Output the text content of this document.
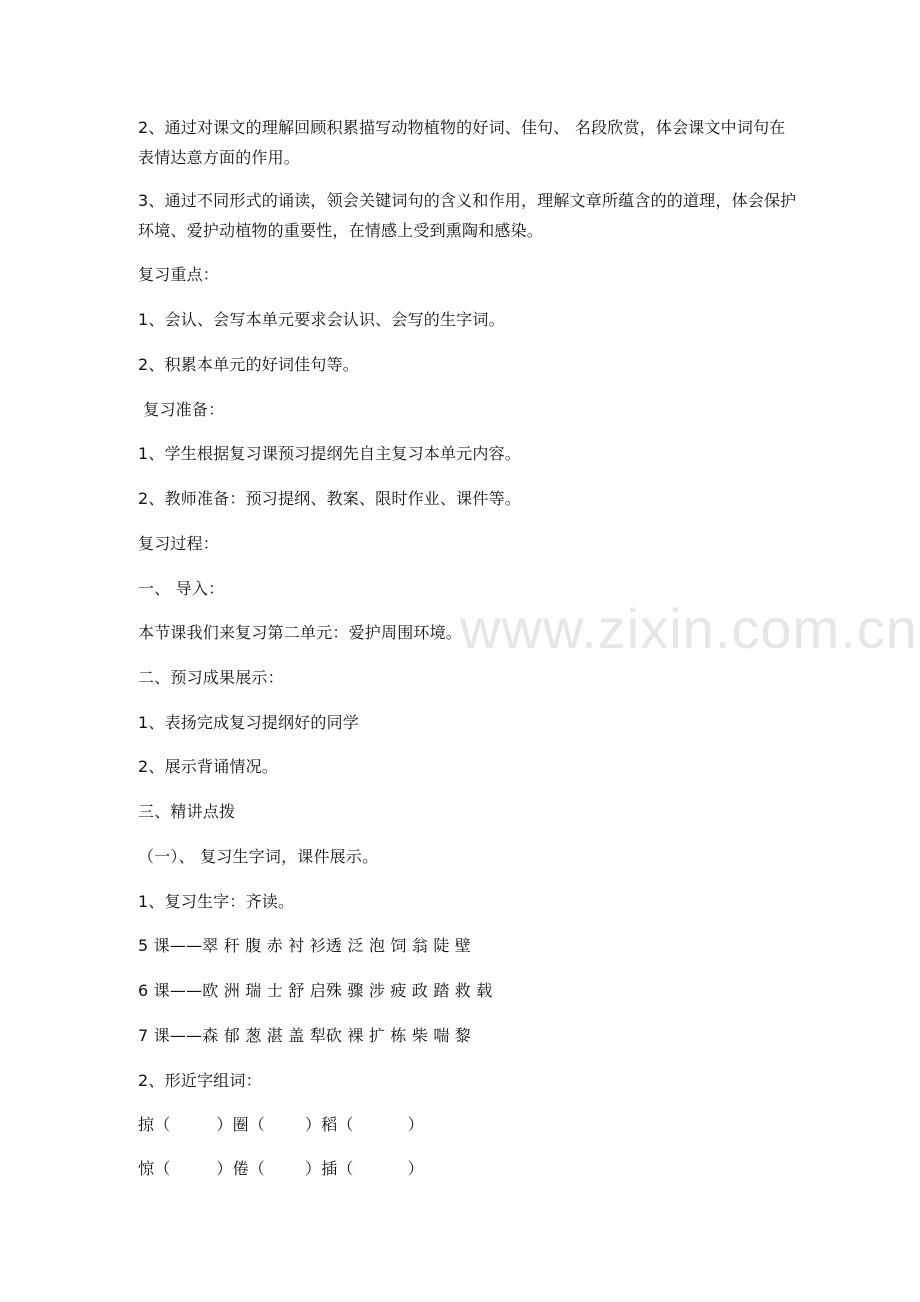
www.zixin.com.cn
2、通过对课文的理解回顾积累描写动物植物的好词、佳句、 名段欣赏，体会课文中词句在表情达意方面的作用。
3、通过不同形式的诵读，领会关键词句的含义和作用，理解文章所蕴含的的道理，体会保护环境、爱护动植物的重要性，在情感上受到熏陶和感染。
复习重点：
1、会认、会写本单元要求会认识、会写的生字词。
2、积累本单元的好词佳句等。
复习准备：
1、学生根据复习课预习提纲先自主复习本单元内容。
2、教师准备：预习提纲、教案、限时作业、课件等。
复习过程：
一、 导入：
本节课我们来复习第二单元：爱护周围环境。
二、预习成果展示：
1、表扬完成复习提纲好的同学
2、展示背诵情况。
三、精讲点拨
（一）、 复习生字词，课件展示。
1、复习生字：齐读。
5 课——翠 秆 腹 赤 衬 衫透 泛 泡 饲 翁 陡 壁
6 课——欧 洲 瑞 士 舒 启殊 骤 涉 疲 政 踏 救 载
7 课——森 郁 葱 湛 盖 犁砍 裸 扩 栋 柴 喘 黎
2、形近字组词：
掠（	）圈（	）稻（	）
惊（	）倦（	）插（	）
